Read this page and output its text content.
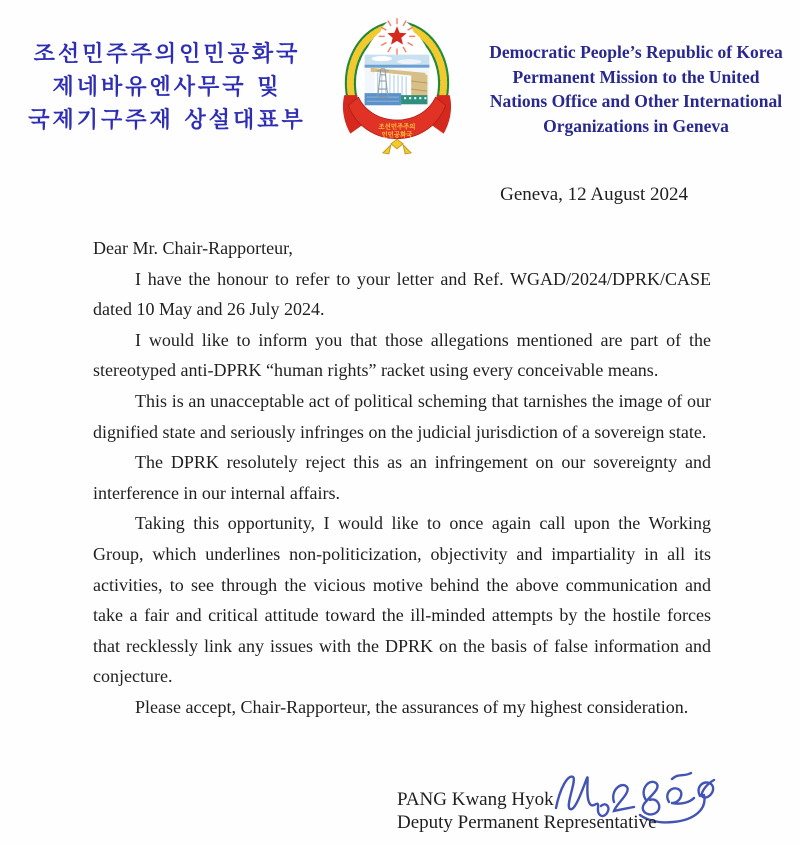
조선민주주의인민공화국
제네바유엔사무국 및
국제기구주재 상설대표부	조선민주주의
인민공화국
Democratic People’s Republic of Korea
Permanent Mission to the United
Nations Office and Other International
Organizations in Geneva
Geneva, 12 August 2024

Dear Mr. Chair-Rapporteur,

I have the honour to refer to your letter and Ref. WGAD/2024/DPRK/CASE dated 10 May and 26 July 2024.

I would like to inform you that those allegations mentioned are part of the stereotyped anti-DPRK “human rights” racket using every conceivable means.

This is an unacceptable act of political scheming that tarnishes the image of our dignified state and seriously infringes on the judicial jurisdiction of a sovereign state.

The DPRK resolutely reject this as an infringement on our sovereignty and interference in our internal affairs.

Taking this opportunity, I would like to once again call upon the Working Group, which underlines non-politicization, objectivity and impartiality in all its activities, to see through the vicious motive behind the above communication and take a fair and critical attitude toward the ill-minded attempts by the hostile forces that recklessly link any issues with the DPRK on the basis of false information and conjecture.

Please accept, Chair-Rapporteur, the assurances of my highest consideration.

PANG Kwang Hyok
Deputy Permanent Representative
